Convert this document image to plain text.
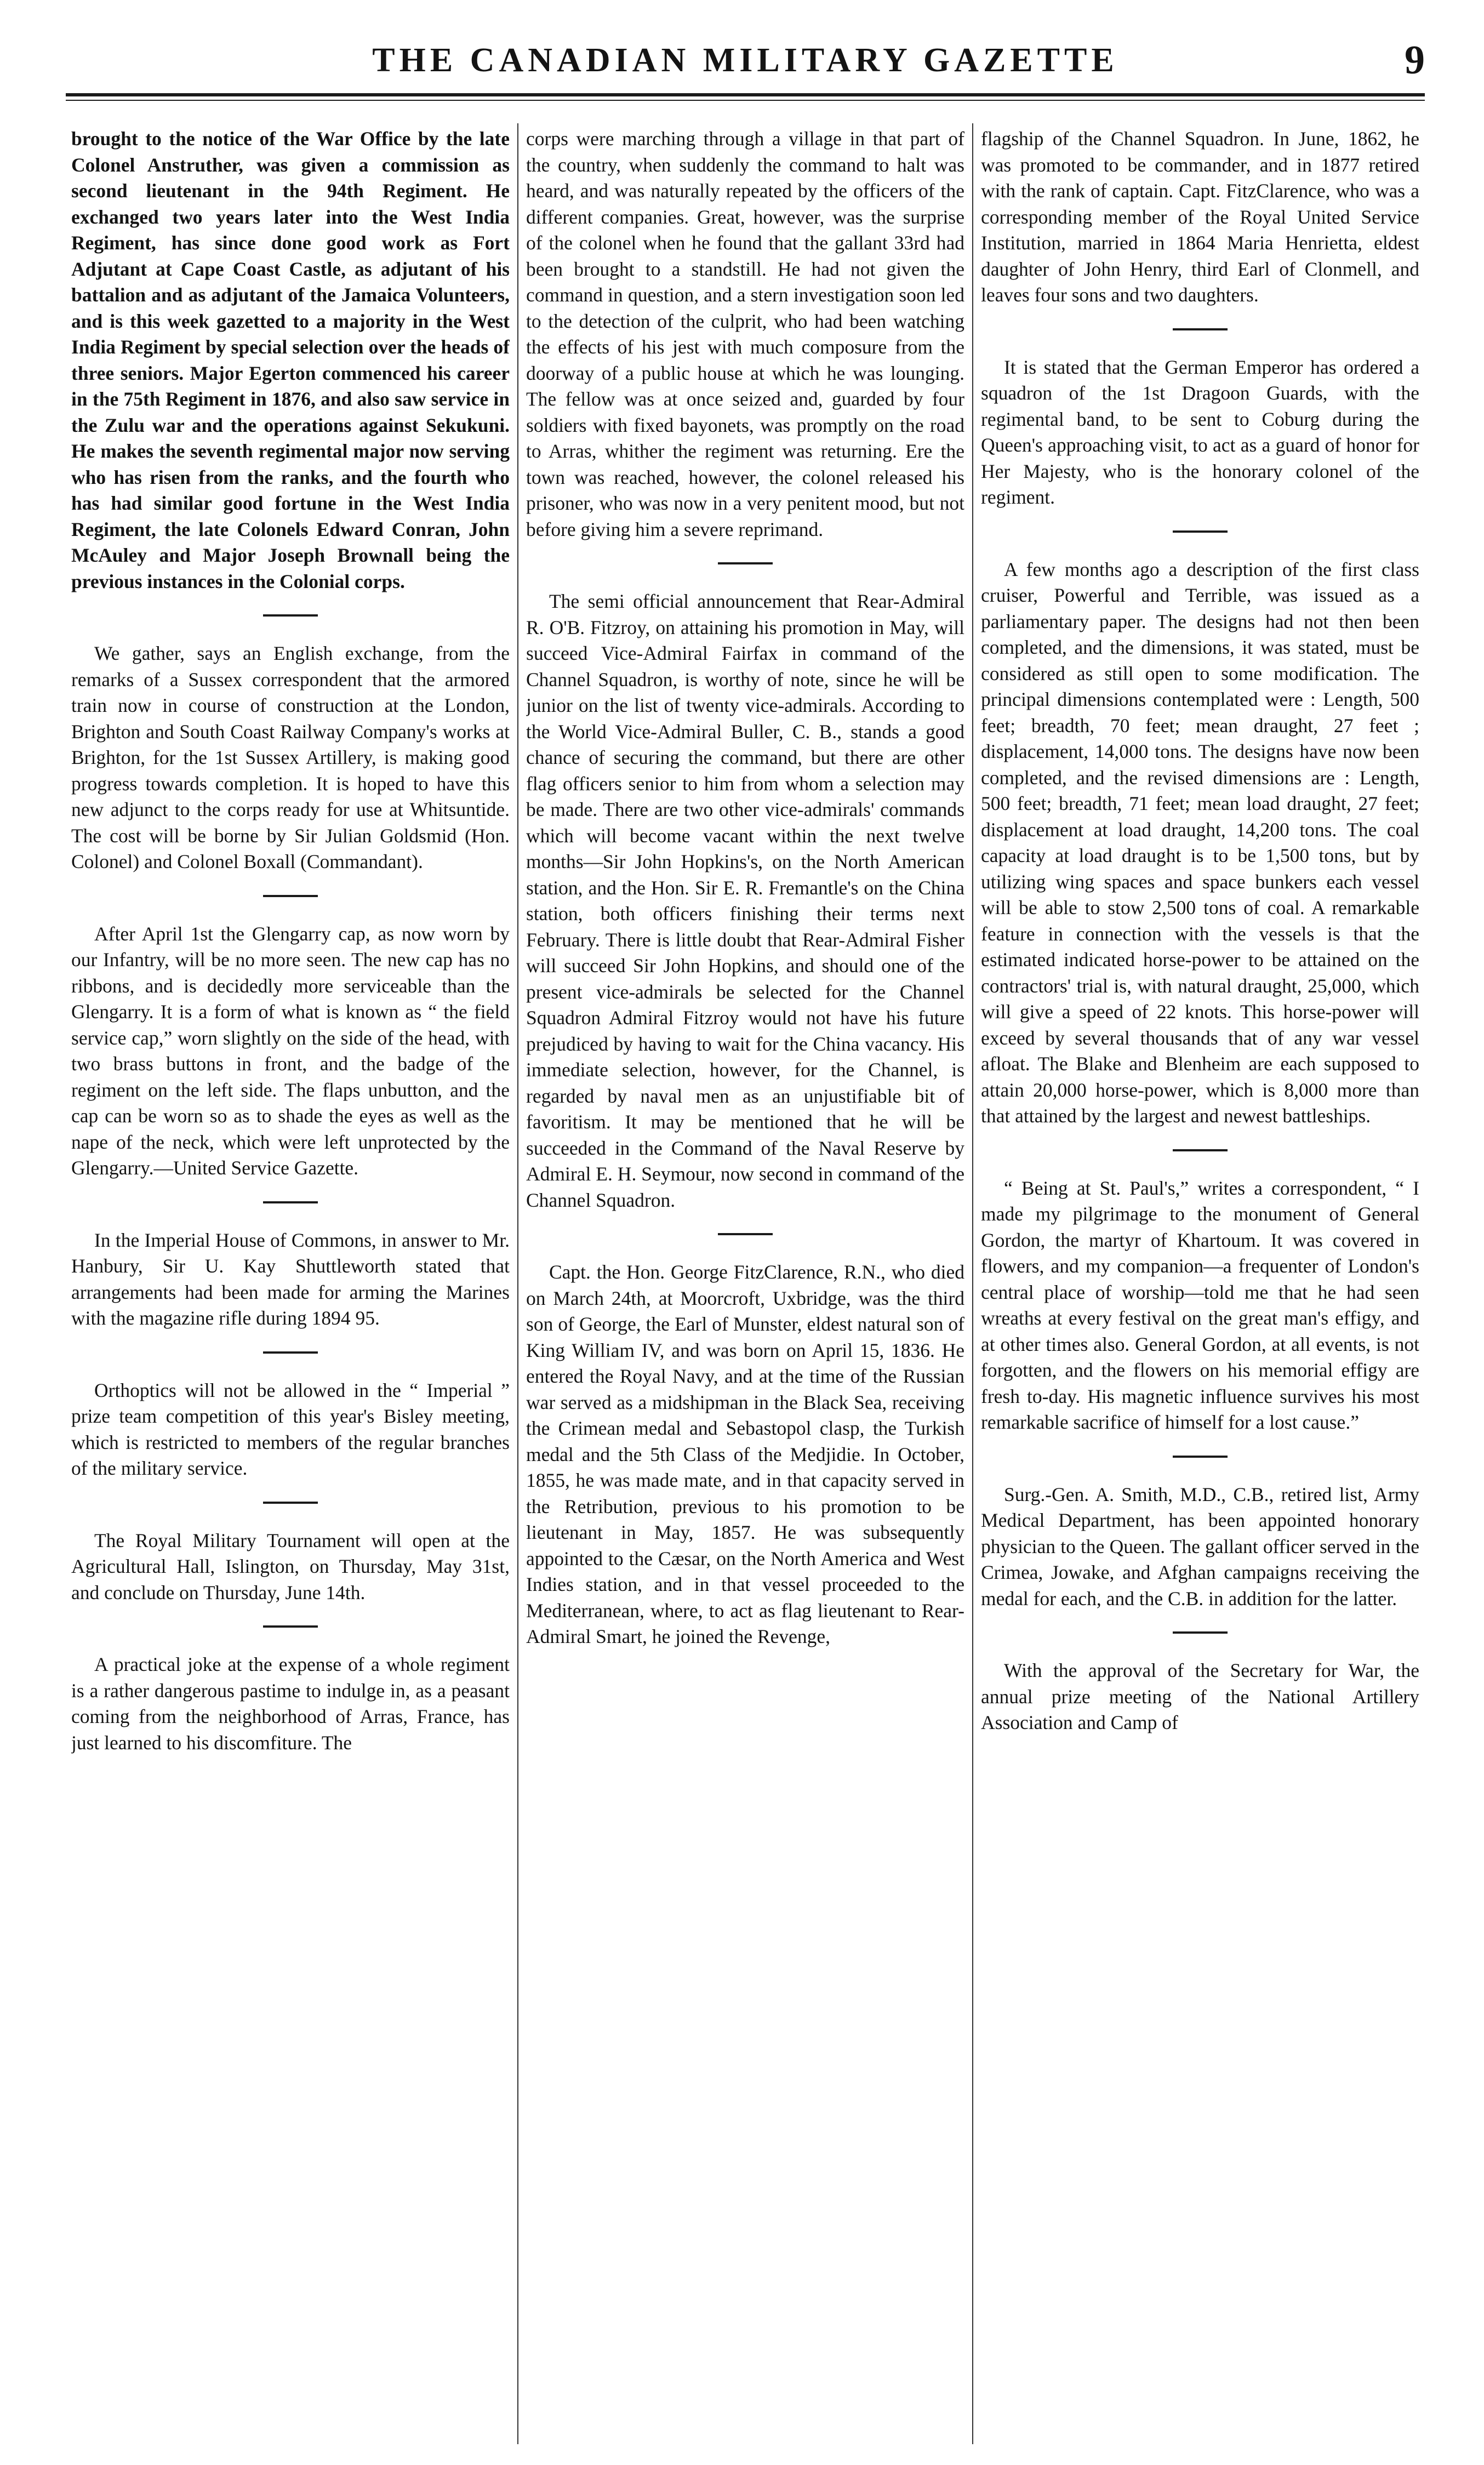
THE CANADIAN MILITARY GAZETTE	9

brought to the notice of the War Office by the late Colonel Anstruther, was given a commission as second lieutenant in the 94th Regiment. He exchanged two years later into the West India Regiment, has since done good work as Fort Adjutant at Cape Coast Castle, as adjutant of his battalion and as adjutant of the Jamaica Volunteers, and is this week gazetted to a majority in the West India Regiment by special selection over the heads of three seniors. Major Egerton commenced his career in the 75th Regiment in 1876, and also saw service in the Zulu war and the operations against Sekukuni. He makes the seventh regimental major now serving who has risen from the ranks, and the fourth who has had similar good fortune in the West India Regiment, the late Colonels Edward Conran, John McAuley and Major Joseph Brownall being the previous instances in the Colonial corps.

We gather, says an English exchange, from the remarks of a Sussex correspondent that the armored train now in course of construction at the London, Brighton and South Coast Railway Company's works at Brighton, for the 1st Sussex Artillery, is making good progress towards completion. It is hoped to have this new adjunct to the corps ready for use at Whitsuntide. The cost will be borne by Sir Julian Goldsmid (Hon. Colonel) and Colonel Boxall (Commandant).

After April 1st the Glengarry cap, as now worn by our Infantry, will be no more seen. The new cap has no ribbons, and is decidedly more serviceable than the Glengarry. It is a form of what is known as “ the field service cap,” worn slightly on the side of the head, with two brass buttons in front, and the badge of the regiment on the left side. The flaps unbutton, and the cap can be worn so as to shade the eyes as well as the nape of the neck, which were left unprotected by the Glengarry.—United Service Gazette.

In the Imperial House of Commons, in answer to Mr. Hanbury, Sir U. Kay Shuttleworth stated that arrangements had been made for arming the Marines with the magazine rifle during 1894 95.

Orthoptics will not be allowed in the “ Imperial ” prize team competition of this year's Bisley meeting, which is restricted to members of the regular branches of the military service.

The Royal Military Tournament will open at the Agricultural Hall, Islington, on Thursday, May 31st, and conclude on Thursday, June 14th.

A practical joke at the expense of a whole regiment is a rather dangerous pastime to indulge in, as a peasant coming from the neighborhood of Arras, France, has just learned to his discomfiture. The

corps were marching through a village in that part of the country, when suddenly the command to halt was heard, and was naturally repeated by the officers of the different companies. Great, however, was the surprise of the colonel when he found that the gallant 33rd had been brought to a standstill. He had not given the command in question, and a stern investigation soon led to the detection of the culprit, who had been watching the effects of his jest with much composure from the doorway of a public house at which he was lounging. The fellow was at once seized and, guarded by four soldiers with fixed bayonets, was promptly on the road to Arras, whither the regiment was returning. Ere the town was reached, however, the colonel released his prisoner, who was now in a very penitent mood, but not before giving him a severe reprimand.

The semi official announcement that Rear-Admiral R. O'B. Fitzroy, on attaining his promotion in May, will succeed Vice-Admiral Fairfax in command of the Channel Squadron, is worthy of note, since he will be junior on the list of twenty vice-admirals. According to the World Vice-Admiral Buller, C. B., stands a good chance of securing the command, but there are other flag officers senior to him from whom a selection may be made. There are two other vice-admirals' commands which will become vacant within the next twelve months—Sir John Hopkins's, on the North American station, and the Hon. Sir E. R. Fremantle's on the China station, both officers finishing their terms next February. There is little doubt that Rear-Admiral Fisher will succeed Sir John Hopkins, and should one of the present vice-admirals be selected for the Channel Squadron Admiral Fitzroy would not have his future prejudiced by having to wait for the China vacancy. His immediate selection, however, for the Channel, is regarded by naval men as an unjustifiable bit of favoritism. It may be mentioned that he will be succeeded in the Command of the Naval Reserve by Admiral E. H. Seymour, now second in command of the Channel Squadron.

Capt. the Hon. George FitzClarence, R.N., who died on March 24th, at Moorcroft, Uxbridge, was the third son of George, the Earl of Munster, eldest natural son of King William IV, and was born on April 15, 1836. He entered the Royal Navy, and at the time of the Russian war served as a midshipman in the Black Sea, receiving the Crimean medal and Sebastopol clasp, the Turkish medal and the 5th Class of the Medjidie. In October, 1855, he was made mate, and in that capacity served in the Retribution, previous to his promotion to be lieutenant in May, 1857. He was subsequently appointed to the Cæsar, on the North America and West Indies station, and in that vessel proceeded to the Mediterranean, where, to act as flag lieutenant to Rear-Admiral Smart, he joined the Revenge,

flagship of the Channel Squadron. In June, 1862, he was promoted to be commander, and in 1877 retired with the rank of captain. Capt. FitzClarence, who was a corresponding member of the Royal United Service Institution, married in 1864 Maria Henrietta, eldest daughter of John Henry, third Earl of Clonmell, and leaves four sons and two daughters.

It is stated that the German Emperor has ordered a squadron of the 1st Dragoon Guards, with the regimental band, to be sent to Coburg during the Queen's approaching visit, to act as a guard of honor for Her Majesty, who is the honorary colonel of the regiment.

A few months ago a description of the first class cruiser, Powerful and Terrible, was issued as a parliamentary paper. The designs had not then been completed, and the dimensions, it was stated, must be considered as still open to some modification. The principal dimensions contemplated were : Length, 500 feet; breadth, 70 feet; mean draught, 27 feet ; displacement, 14,000 tons. The designs have now been completed, and the revised dimensions are : Length, 500 feet; breadth, 71 feet; mean load draught, 27 feet; displacement at load draught, 14,200 tons. The coal capacity at load draught is to be 1,500 tons, but by utilizing wing spaces and space bunkers each vessel will be able to stow 2,500 tons of coal. A remarkable feature in connection with the vessels is that the estimated indicated horse-power to be attained on the contractors' trial is, with natural draught, 25,000, which will give a speed of 22 knots. This horse-power will exceed by several thousands that of any war vessel afloat. The Blake and Blenheim are each supposed to attain 20,000 horse-power, which is 8,000 more than that attained by the largest and newest battleships.

“ Being at St. Paul's,” writes a correspondent, “ I made my pilgrimage to the monument of General Gordon, the martyr of Khartoum. It was covered in flowers, and my companion—a frequenter of London's central place of worship—told me that he had seen wreaths at every festival on the great man's effigy, and at other times also. General Gordon, at all events, is not forgotten, and the flowers on his memorial effigy are fresh to-day. His magnetic influence survives his most remarkable sacrifice of himself for a lost cause.”

Surg.-Gen. A. Smith, M.D., C.B., retired list, Army Medical Department, has been appointed honorary physician to the Queen. The gallant officer served in the Crimea, Jowake, and Afghan campaigns receiving the medal for each, and the C.B. in addition for the latter.

With the approval of the Secretary for War, the annual prize meeting of the National Artillery Association and Camp of
